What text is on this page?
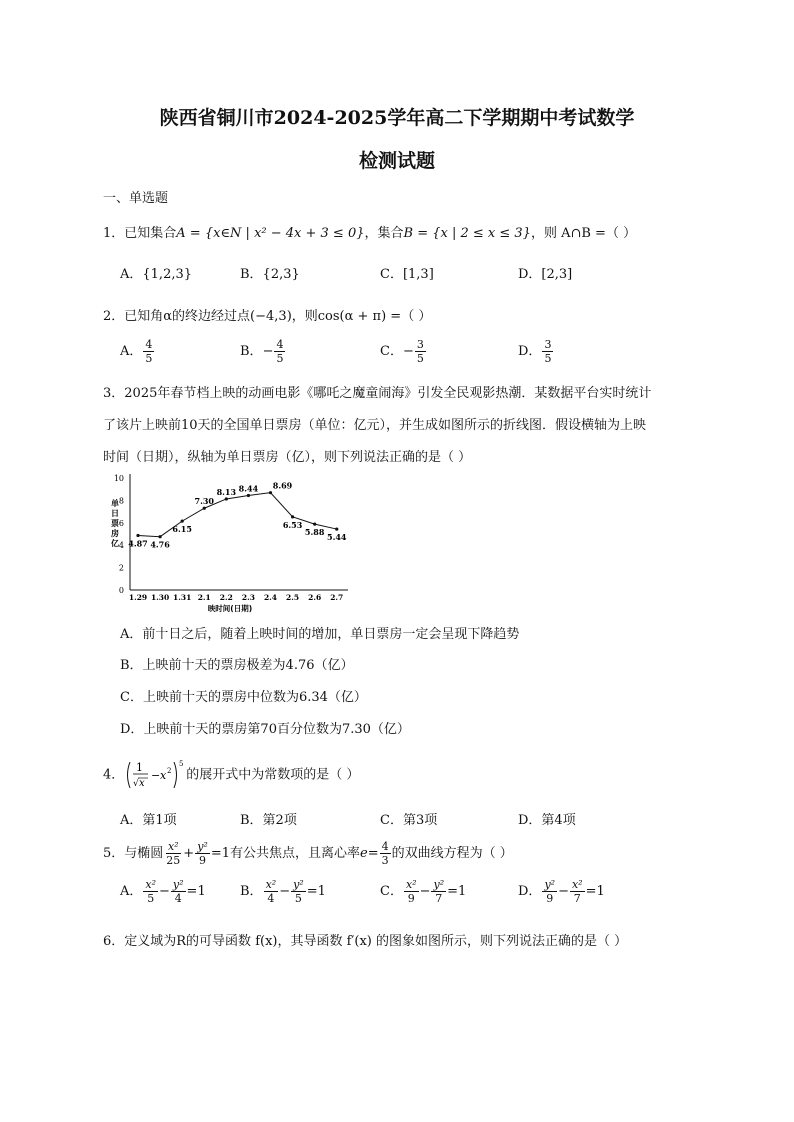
陕西省铜川市2024-2025学年高二下学期期中考试数学
检测试题
一、单选题
1．已知集合A = {x∈N | x² − 4x + 3 ≤ 0}，集合B = {x | 2 ≤ x ≤ 3}，则 A∩B =（ ）
A．{1,2,3}	B．{2,3}	C．[1,3]	D．[2,3]
2．已知角α的终边经过点(−4,3)，则cos(α + π) =（ ）
A． $\frac{4}{5}$	B．− $\frac{4}{5}$	C．− $\frac{3}{5}$	D． $\frac{3}{5}$
3．2025年春节档上映的动画电影《哪吒之魔童闹海》引发全民观影热潮．某数据平台实时统计
了该片上映前10天的全国单日票房（单位：亿元），并生成如图所示的折线图．假设横轴为上映
时间（日期），纵轴为单日票房（亿），则下列说法正确的是（ ）
0
2
4
6
8
10
1.29 1.30 1.31 2.1 2.2 2.3 2.4 2.5 2.6 2.7
单
日
票
房
亿
映时间(日期)
4.87 4.76
6.15
7.30
8.13 8.44 8.69
6.53
5.88 5.44
A．前十日之后，随着上映时间的增加，单日票房一定会呈现下降趋势
B．上映前十天的票房极差为4.76（亿）
C．上映前十天的票房中位数为6.34（亿）
D．上映前十天的票房第70百分位数为7.30（亿）
4． 1
√ x
− x 2
5
的展开式中为常数项的是（ ）
A．第1项	B．第2项	C．第3项	D．第4项
5．与椭圆 $\frac{\text{x²}}{25} + \frac{\text{y²}}{9} =1$有公共焦点，且离心率$e= \frac{4}{3}$ 的双曲线方程为（ ）
A． $\frac{\text{x²}}{5} - \frac{\text{y²}}{4} =1$	B． $\frac{\text{x²}}{4} - \frac{\text{y²}}{5} =1$	C． $\frac{\text{x²}}{9} - \frac{\text{y²}}{7} =1$	D． $\frac{\text{y²}}{9} - \frac{\text{x²}}{7} =1$
6．定义域为R的可导函数 f(x)，其导函数 f′(x) 的图象如图所示，则下列说法正确的是（ ）
